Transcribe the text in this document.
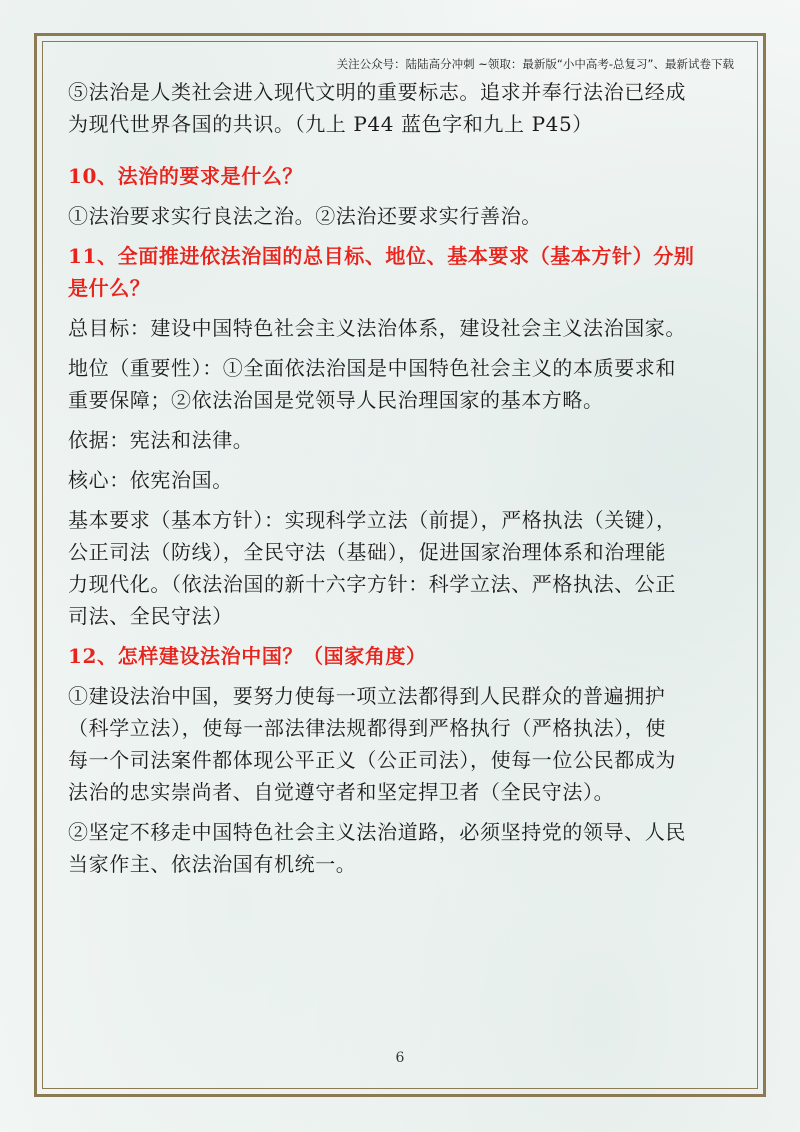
关注公众号：陆陆高分冲刺 ~领取：最新版“小中高考-总复习”、最新试卷下载
⑤法治是人类社会进入现代文明的重要标志。追求并奉行法治已经成
为现代世界各国的共识。（九上 P44 蓝色字和九上 P45）
10、法治的要求是什么？
①法治要求实行良法之治。②法治还要求实行善治。
11、全面推进依法治国的总目标、地位、基本要求（基本方针）分别
是什么？
总目标：建设中国特色社会主义法治体系，建设社会主义法治国家。
地位（重要性）：①全面依法治国是中国特色社会主义的本质要求和
重要保障；②依法治国是党领导人民治理国家的基本方略。
依据：宪法和法律。
核心：依宪治国。
基本要求（基本方针）：实现科学立法（前提），严格执法（关键），
公正司法（防线），全民守法（基础），促进国家治理体系和治理能
力现代化。（依法治国的新十六字方针：科学立法、严格执法、公正
司法、全民守法）
12、怎样建设法治中国？（国家角度）
①建设法治中国，要努力使每一项立法都得到人民群众的普遍拥护
（科学立法），使每一部法律法规都得到严格执行（严格执法），使
每一个司法案件都体现公平正义（公正司法），使每一位公民都成为
法治的忠实崇尚者、自觉遵守者和坚定捍卫者（全民守法）。
②坚定不移走中国特色社会主义法治道路，必须坚持党的领导、人民
当家作主、依法治国有机统一。
6
